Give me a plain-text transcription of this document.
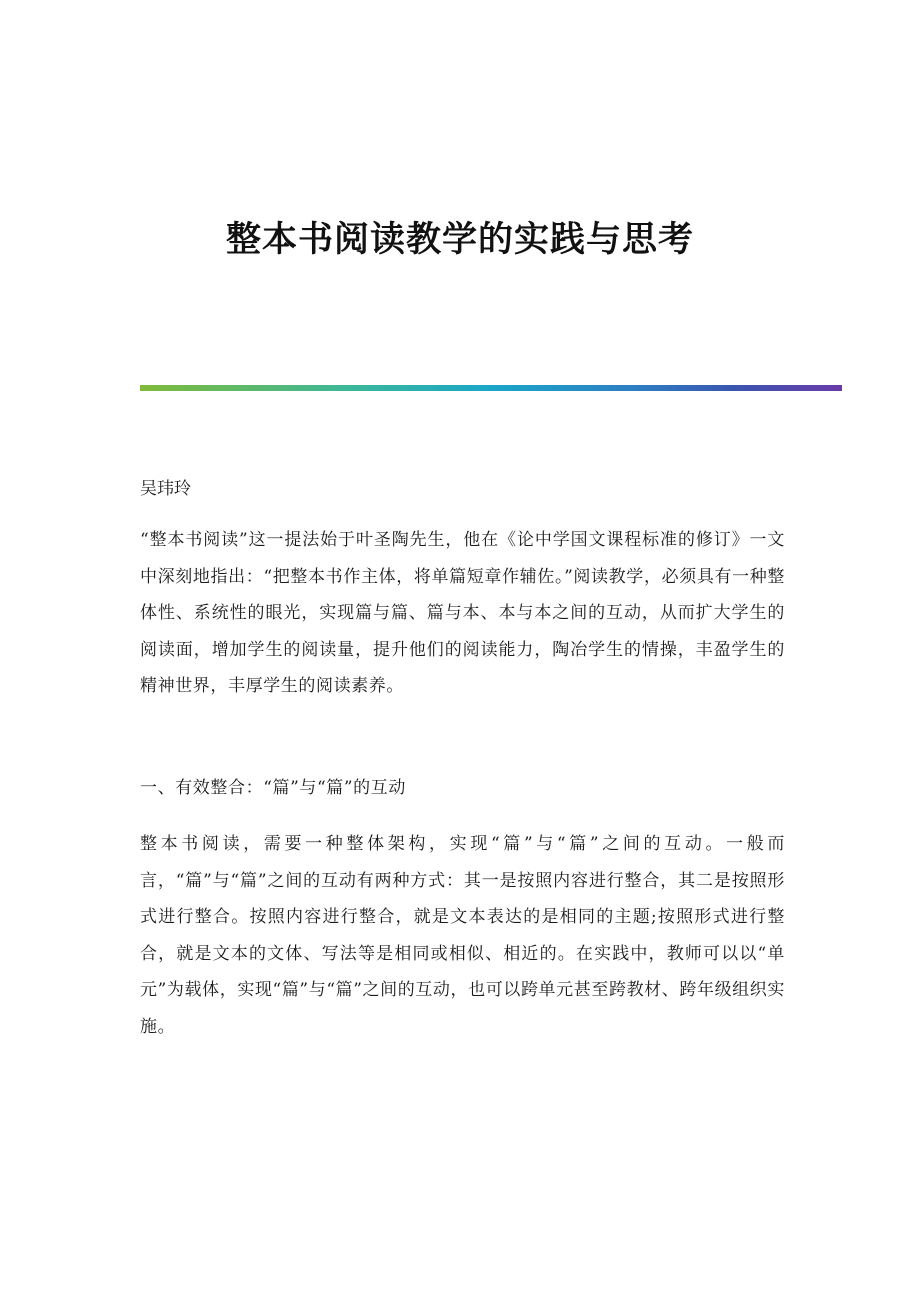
整本书阅读教学的实践与思考

吴玮玲

“整本书阅读”这一提法始于叶圣陶先生，他在《论中学国文课程标准的修订》一文中深刻地指出：“把整本书作主体，将单篇短章作辅佐。”阅读教学，必须具有一种整体性、系统性的眼光，实现篇与篇、篇与本、本与本之间的互动，从而扩大学生的阅读面，增加学生的阅读量，提升他们的阅读能力，陶冶学生的情操，丰盈学生的精神世界，丰厚学生的阅读素养。

一、有效整合：“篇”与“篇”的互动

整本书阅读，需要一种整体架构，实现“篇”与“篇”之间的互动。一般而言，“篇”与“篇”之间的互动有两种方式：其一是按照内容进行整合，其二是按照形式进行整合。按照内容进行整合，就是文本表达的是相同的主题;按照形式进行整合，就是文本的文体、写法等是相同或相似、相近的。在实践中，教师可以以“单元”为载体，实现“篇”与“篇”之间的互动，也可以跨单元甚至跨教材、跨年级组织实施。
